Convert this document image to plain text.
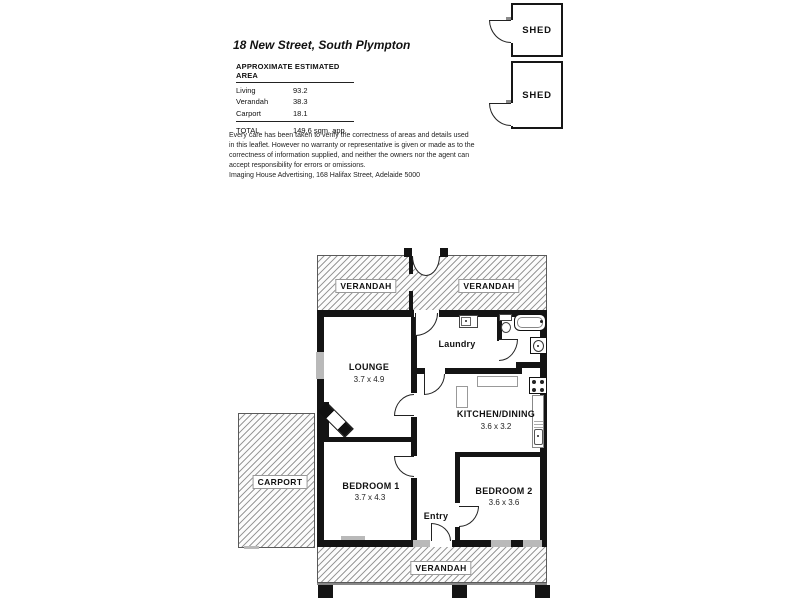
18 New Street, South Plympton
APPROXIMATE ESTIMATED AREA
Living	93.2
Verandah	38.3
Carport	18.1
TOTAL	149.6 sqm. app.
Every care has been taken to verify the correctness of areas and details used in this leaflet. However no warranty or representative is given or made as to the correctness of information supplied, and neither the owners nor the agent can accept responsibility for errors or omissions.
Imaging House Advertising, 168 Halifax Street, Adelaide 5000
SHED
SHED
VERANDAH	VERANDAH
VERANDAH
CARPORT
LOUNGE
3.7 x 4.9
Laundry
KITCHEN/DINING
3.6 x 3.2
BEDROOM 1
3.7 x 4.3
BEDROOM 2
3.6 x 3.6
Entry
